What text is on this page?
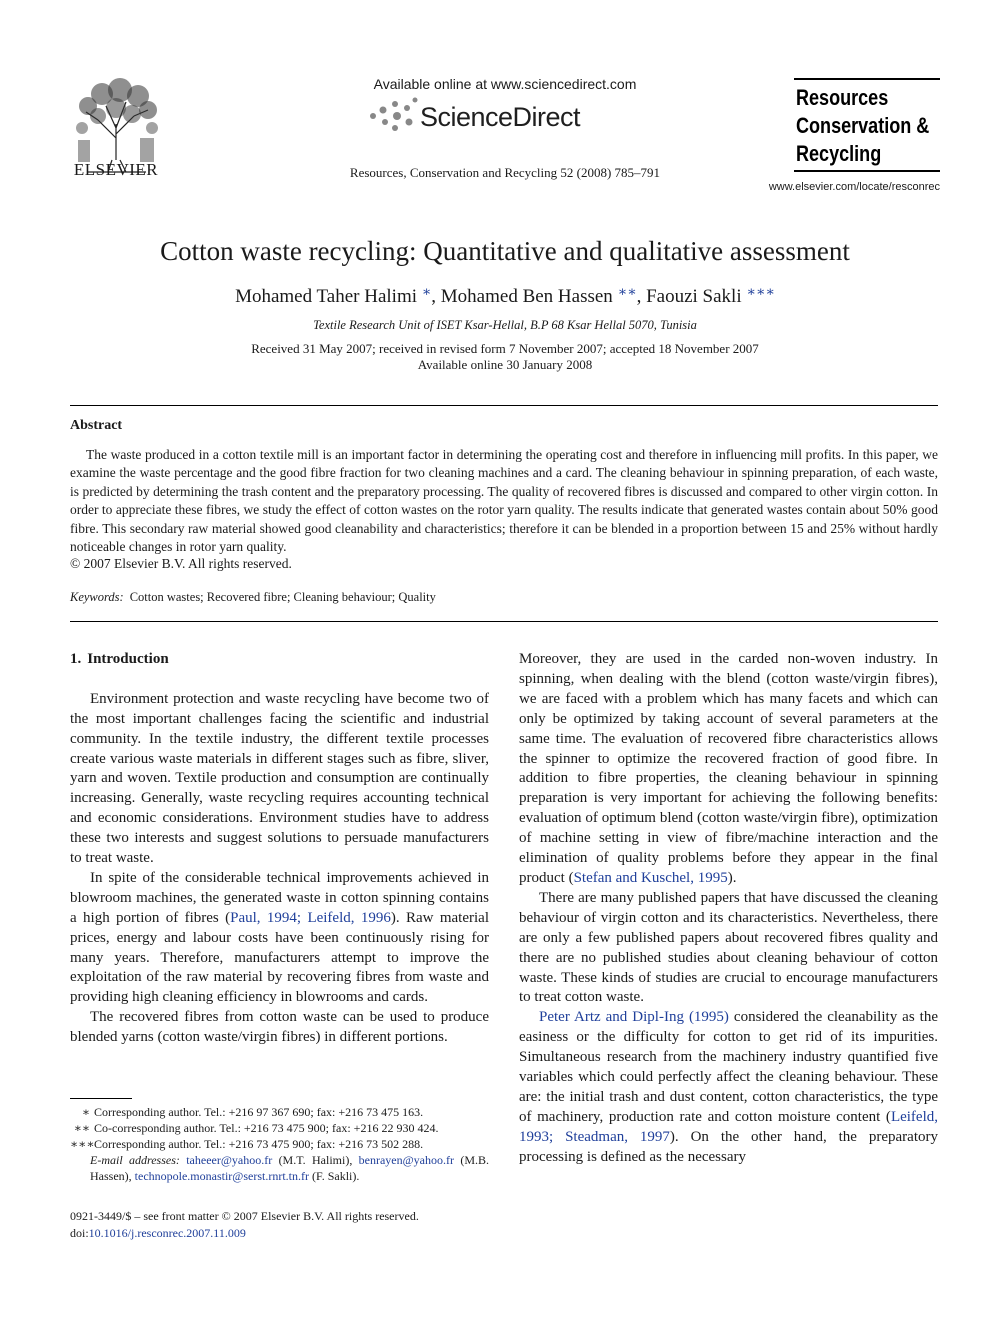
ELSEVIER
Available online at www.sciencedirect.com
ScienceDirect
Resources, Conservation and Recycling 52 (2008) 785–791
Resources
Conservation &
Recycling
www.elsevier.com/locate/resconrec
Cotton waste recycling: Quantitative and qualitative assessment
Mohamed Taher Halimi ∗, Mohamed Ben Hassen ∗∗, Faouzi Sakli ∗∗∗
Textile Research Unit of ISET Ksar-Hellal, B.P 68 Ksar Hellal 5070, Tunisia
Received 31 May 2007; received in revised form 7 November 2007; accepted 18 November 2007
Available online 30 January 2008
Abstract
The waste produced in a cotton textile mill is an important factor in determining the operating cost and therefore in influencing mill profits. In this paper, we examine the waste percentage and the good fibre fraction for two cleaning machines and a card. The cleaning behaviour in spinning preparation, of each waste, is predicted by determining the trash content and the preparatory processing. The quality of recovered fibres is discussed and compared to other virgin cotton. In order to appreciate these fibres, we study the effect of cotton wastes on the rotor yarn quality. The results indicate that generated wastes contain about 50% good fibre. This secondary raw material showed good cleanability and characteristics; therefore it can be blended in a proportion between 15 and 25% without hardly noticeable changes in rotor yarn quality.
© 2007 Elsevier B.V. All rights reserved.
Keywords: Cotton wastes; Recovered fibre; Cleaning behaviour; Quality
1. Introduction

Environment protection and waste recycling have become two of the most important challenges facing the scientific and industrial community. In the textile industry, the different textile processes create various waste materials in different stages such as fibre, sliver, yarn and woven. Textile production and consumption are continually increasing. Generally, waste recycling requires accounting technical and economic considerations. Environment studies have to address these two interests and suggest solutions to persuade manufacturers to treat waste.

In spite of the considerable technical improvements achieved in blowroom machines, the generated waste in cotton spinning contains a high portion of fibres (Paul, 1994; Leifeld, 1996). Raw material prices, energy and labour costs have been continuously rising for many years. Therefore, manufacturers attempt to improve the exploitation of the raw material by recovering fibres from waste and providing high cleaning efficiency in blowrooms and cards.

The recovered fibres from cotton waste can be used to produce blended yarns (cotton waste/virgin fibres) in different portions.

Moreover, they are used in the carded non-woven industry. In spinning, when dealing with the blend (cotton waste/virgin fibres), we are faced with a problem which has many facets and which can only be optimized by taking account of several parameters at the same time. The evaluation of recovered fibre characteristics allows the spinner to optimize the recovered fraction of good fibre. In addition to fibre properties, the cleaning behaviour in spinning preparation is very important for achieving the following benefits: evaluation of optimum blend (cotton waste/virgin fibre), optimization of machine setting in view of fibre/machine interaction and the elimination of quality problems before they appear in the final product (Stefan and Kuschel, 1995).

There are many published papers that have discussed the cleaning behaviour of virgin cotton and its characteristics. Nevertheless, there are only a few published papers about recovered fibres quality and there are no published studies about cleaning behaviour of cotton waste. These kinds of studies are crucial to encourage manufacturers to treat cotton waste.

Peter Artz and Dipl-Ing (1995) considered the cleanability as the easiness or the difficulty for cotton to get rid of its impurities. Simultaneous research from the machinery industry quantified five variables which could perfectly affect the cleaning behaviour. These are: the initial trash and dust content, cotton characteristics, the type of machinery, production rate and cotton moisture content (Leifeld, 1993; Steadman, 1997). On the other hand, the preparatory processing is defined as the necessary

∗ Corresponding author. Tel.: +216 97 367 690; fax: +216 73 475 163.
∗∗ Co-corresponding author. Tel.: +216 73 475 900; fax: +216 22 930 424.
∗∗∗ Corresponding author. Tel.: +216 73 475 900; fax: +216 73 502 288.
E-mail addresses: taheeer@yahoo.fr (M.T. Halimi), benrayen@yahoo.fr (M.B. Hassen), technopole.monastir@serst.rnrt.tn.fr (F. Sakli).
0921-3449/$ – see front matter © 2007 Elsevier B.V. All rights reserved.
doi:10.1016/j.resconrec.2007.11.009
